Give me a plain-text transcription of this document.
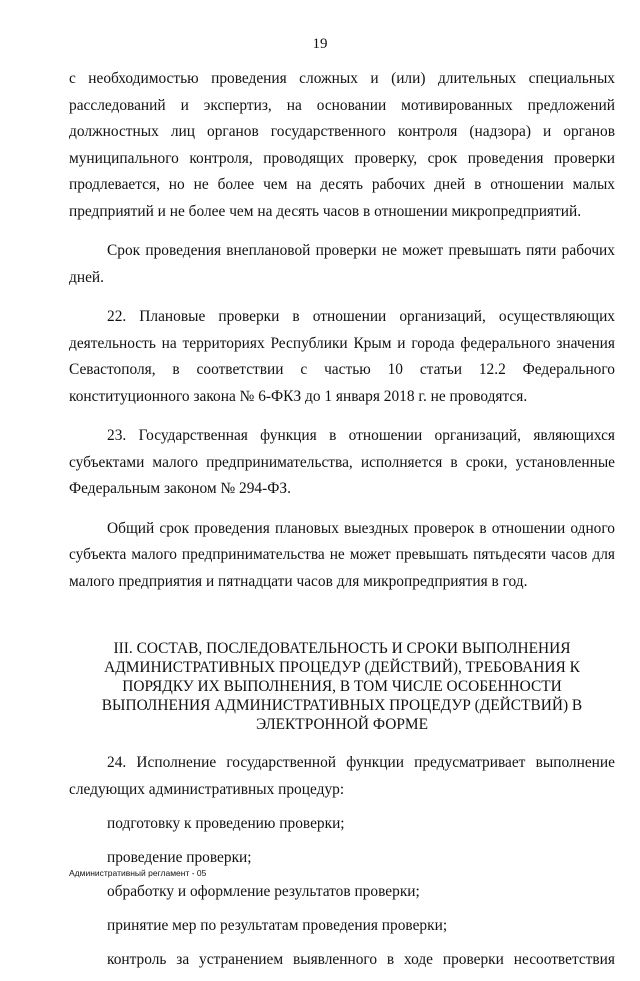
19

с необходимостью проведения сложных и (или) длительных специальных расследований и экспертиз, на основании мотивированных предложений должностных лиц органов государственного контроля (надзора) и органов муниципального контроля, проводящих проверку, срок проведения проверки продлевается, но не более чем на десять рабочих дней в отношении малых предприятий и не более чем на десять часов в отношении микропредприятий.

Срок проведения внеплановой проверки не может превышать пяти рабочих дней.

22. Плановые проверки в отношении организаций, осуществляющих деятельность на территориях Республики Крым и города федерального значения Севастополя, в соответствии с частью 10 статьи 12.2 Федерального конституционного закона № 6-ФКЗ до 1 января 2018 г. не проводятся.

23. Государственная функция в отношении организаций, являющихся субъектами малого предпринимательства, исполняется в сроки, установленные Федеральным законом № 294-ФЗ.

Общий срок проведения плановых выездных проверок в отношении одного субъекта малого предпринимательства не может превышать пятьдесяти часов для малого предприятия и пятнадцати часов для микропредприятия в год.

III. СОСТАВ, ПОСЛЕДОВАТЕЛЬНОСТЬ И СРОКИ ВЫПОЛНЕНИЯ АДМИНИСТРАТИВНЫХ ПРОЦЕДУР (ДЕЙСТВИЙ), ТРЕБОВАНИЯ К ПОРЯДКУ ИХ ВЫПОЛНЕНИЯ, В ТОМ ЧИСЛЕ ОСОБЕННОСТИ ВЫПОЛНЕНИЯ АДМИНИСТРАТИВНЫХ ПРОЦЕДУР (ДЕЙСТВИЙ) В ЭЛЕКТРОННОЙ ФОРМЕ

24. Исполнение государственной функции предусматривает выполнение следующих административных процедур:

подготовку к проведению проверки;
проведение проверки;
обработку и оформление результатов проверки;
принятие мер по результатам проведения проверки;
контроль за устранением выявленного в ходе проверки несоответствия
Административный регламент - 05
